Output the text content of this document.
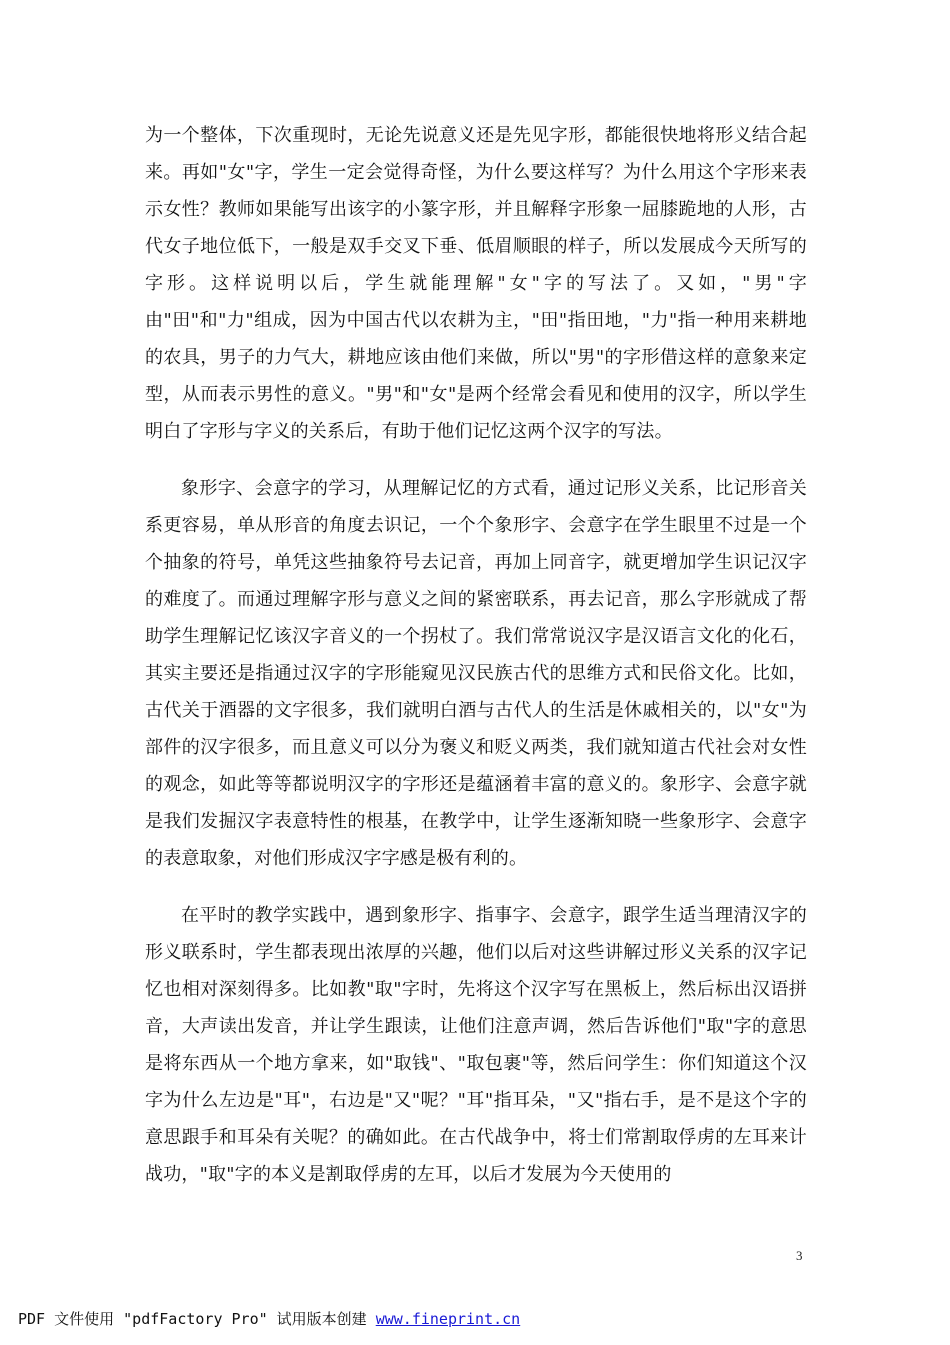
为一个整体，下次重现时，无论先说意义还是先见字形，都能很快地将形义结合起来。再如"女"字，学生一定会觉得奇怪，为什么要这样写？为什么用这个字形来表示女性？教师如果能写出该字的小篆字形，并且解释字形象一屈膝跪地的人形，古代女子地位低下，一般是双手交叉下垂、低眉顺眼的样子，所以发展成今天所写的字形。这样说明以后，学生就能理解"女"字的写法了。又如，"男"字由"田"和"力"组成，因为中国古代以农耕为主，"田"指田地，"力"指一种用来耕地的农具，男子的力气大，耕地应该由他们来做，所以"男"的字形借这样的意象来定型，从而表示男性的意义。"男"和"女"是两个经常会看见和使用的汉字，所以学生明白了字形与字义的关系后，有助于他们记忆这两个汉字的写法。

象形字、会意字的学习，从理解记忆的方式看，通过记形义关系，比记形音关系更容易，单从形音的角度去识记，一个个象形字、会意字在学生眼里不过是一个个抽象的符号，单凭这些抽象符号去记音，再加上同音字，就更增加学生识记汉字的难度了。而通过理解字形与意义之间的紧密联系，再去记音，那么字形就成了帮助学生理解记忆该汉字音义的一个拐杖了。我们常常说汉字是汉语言文化的化石，其实主要还是指通过汉字的字形能窥见汉民族古代的思维方式和民俗文化。比如，古代关于酒器的文字很多，我们就明白酒与古代人的生活是休戚相关的，以"女"为部件的汉字很多，而且意义可以分为褒义和贬义两类，我们就知道古代社会对女性的观念，如此等等都说明汉字的字形还是蕴涵着丰富的意义的。象形字、会意字就是我们发掘汉字表意特性的根基，在教学中，让学生逐渐知晓一些象形字、会意字的表意取象，对他们形成汉字字感是极有利的。

在平时的教学实践中，遇到象形字、指事字、会意字，跟学生适当理清汉字的形义联系时，学生都表现出浓厚的兴趣，他们以后对这些讲解过形义关系的汉字记忆也相对深刻得多。比如教"取"字时，先将这个汉字写在黑板上，然后标出汉语拼音，大声读出发音，并让学生跟读，让他们注意声调，然后告诉他们"取"字的意思是将东西从一个地方拿来，如"取钱"、"取包裹"等，然后问学生：你们知道这个汉字为什么左边是"耳"，右边是"又"呢？"耳"指耳朵，"又"指右手，是不是这个字的意思跟手和耳朵有关呢？的确如此。在古代战争中，将士们常割取俘虏的左耳来计战功，"取"字的本义是割取俘虏的左耳，以后才发展为今天使用的

3
PDF 文件使用 "pdfFactory Pro" 试用版本创建 www.fineprint.cn
